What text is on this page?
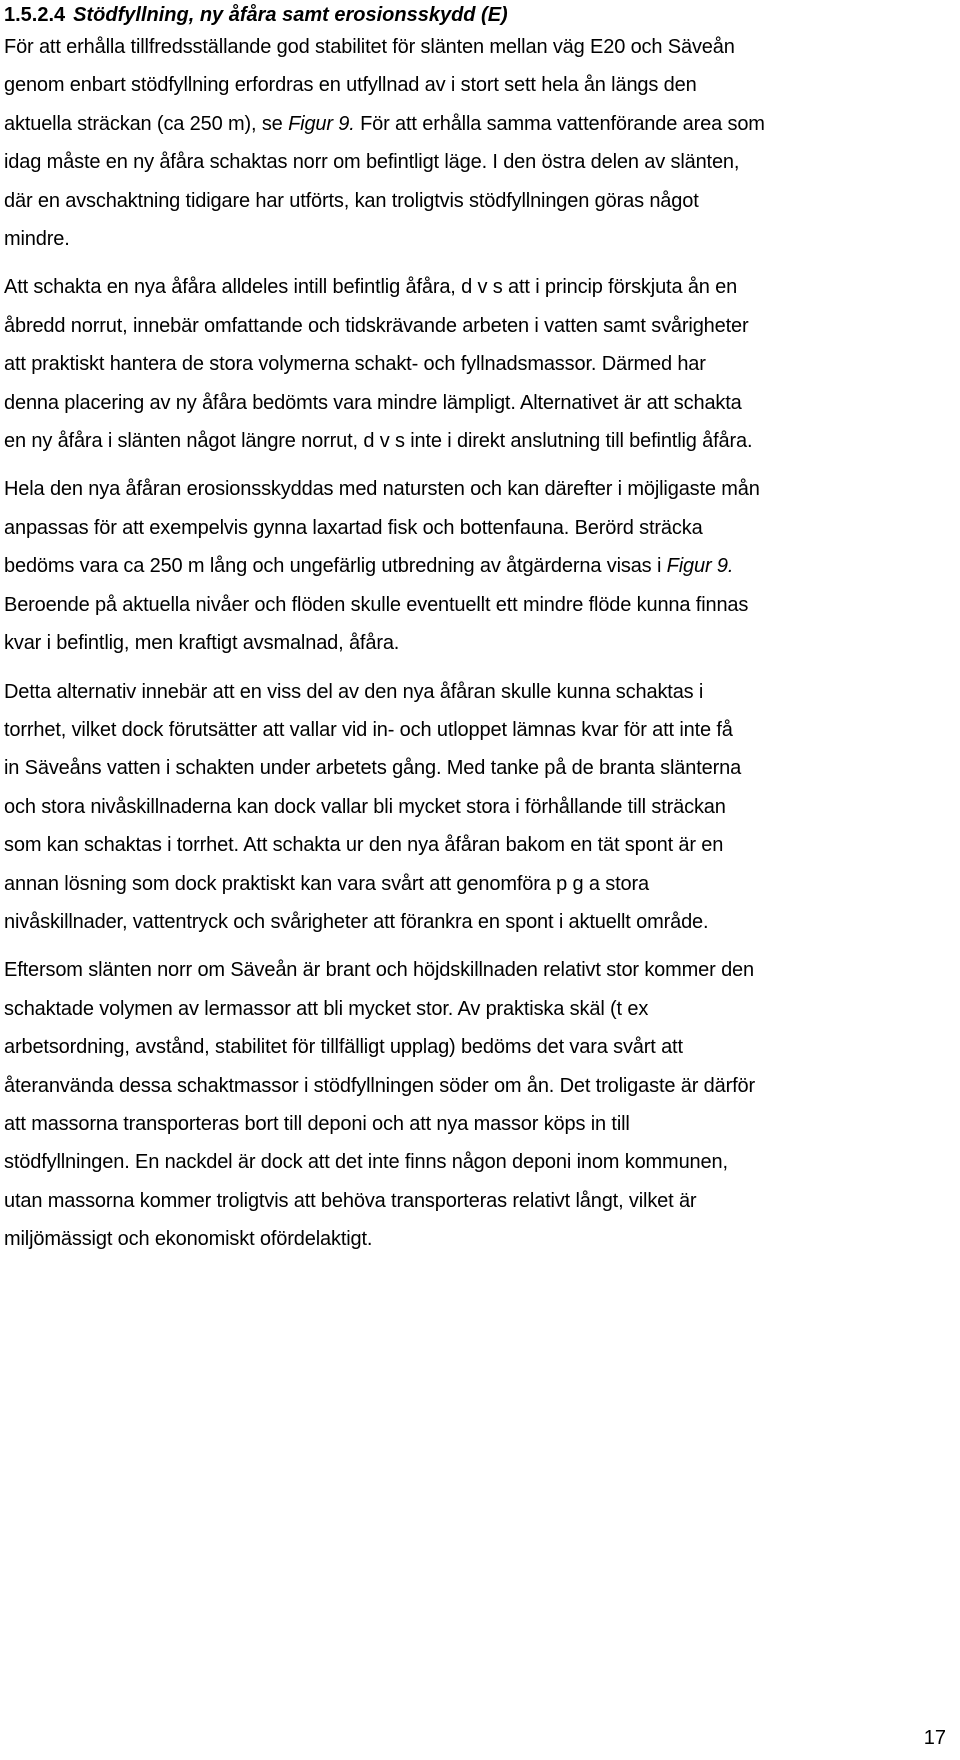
1.5.2.4 Stödfyllning, ny åfåra samt erosionsskydd (E)

För att erhålla tillfredsställande god stabilitet för slänten mellan väg E20 och Säveån
genom enbart stödfyllning erfordras en utfyllnad av i stort sett hela ån längs den
aktuella sträckan (ca 250 m), se Figur 9. För att erhålla samma vattenförande area som
idag måste en ny åfåra schaktas norr om befintligt läge. I den östra delen av slänten,
där en avschaktning tidigare har utförts, kan troligtvis stödfyllningen göras något
mindre.

Att schakta en nya åfåra alldeles intill befintlig åfåra, d v s att i princip förskjuta ån en
åbredd norrut, innebär omfattande och tidskrävande arbeten i vatten samt svårigheter
att praktiskt hantera de stora volymerna schakt- och fyllnadsmassor. Därmed har
denna placering av ny åfåra bedömts vara mindre lämpligt. Alternativet är att schakta
en ny åfåra i slänten något längre norrut, d v s inte i direkt anslutning till befintlig åfåra.

Hela den nya åfåran erosionsskyddas med natursten och kan därefter i möjligaste mån
anpassas för att exempelvis gynna laxartad fisk och bottenfauna. Berörd sträcka
bedöms vara ca 250 m lång och ungefärlig utbredning av åtgärderna visas i Figur 9.
Beroende på aktuella nivåer och flöden skulle eventuellt ett mindre flöde kunna finnas
kvar i befintlig, men kraftigt avsmalnad, åfåra.

Detta alternativ innebär att en viss del av den nya åfåran skulle kunna schaktas i
torrhet, vilket dock förutsätter att vallar vid in- och utloppet lämnas kvar för att inte få
in Säveåns vatten i schakten under arbetets gång. Med tanke på de branta slänterna
och stora nivåskillnaderna kan dock vallar bli mycket stora i förhållande till sträckan
som kan schaktas i torrhet. Att schakta ur den nya åfåran bakom en tät spont är en
annan lösning som dock praktiskt kan vara svårt att genomföra p g a stora
nivåskillnader, vattentryck och svårigheter att förankra en spont i aktuellt område.

Eftersom slänten norr om Säveån är brant och höjdskillnaden relativt stor kommer den
schaktade volymen av lermassor att bli mycket stor. Av praktiska skäl (t ex
arbetsordning, avstånd, stabilitet för tillfälligt upplag) bedöms det vara svårt att
återanvända dessa schaktmassor i stödfyllningen söder om ån. Det troligaste är därför
att massorna transporteras bort till deponi och att nya massor köps in till
stödfyllningen. En nackdel är dock att det inte finns någon deponi inom kommunen,
utan massorna kommer troligtvis att behöva transporteras relativt långt, vilket är
miljömässigt och ekonomiskt ofördelaktigt.

17
